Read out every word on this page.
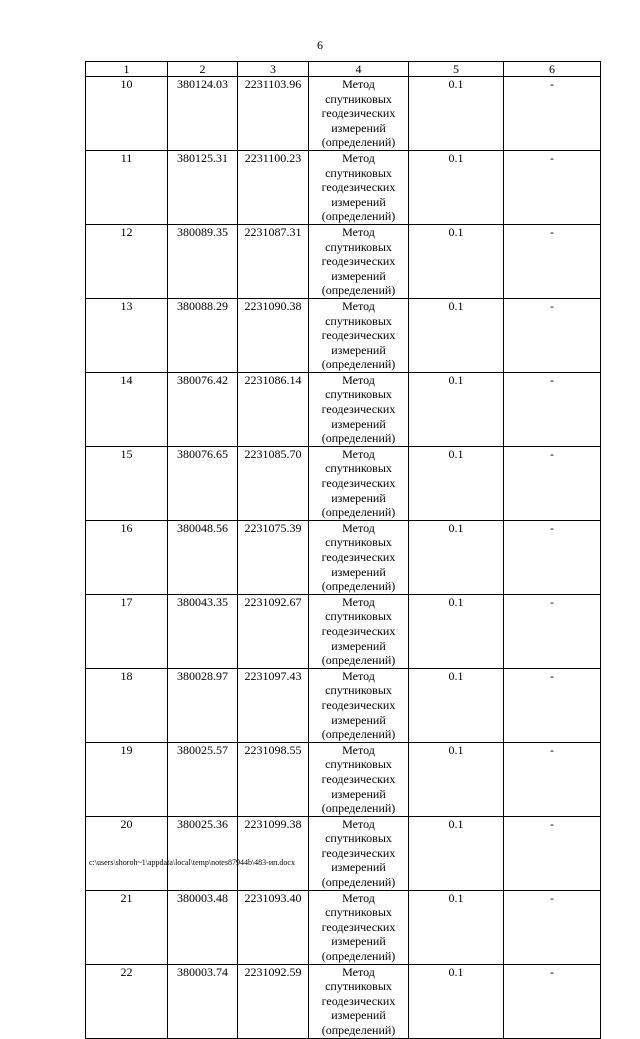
6
1	2	3	4	5	6
10	380124.03	2231103.96	Метод спутниковых геодезических измерений (определений)	0.1	-
11	380125.31	2231100.23	Метод спутниковых геодезических измерений (определений)	0.1	-
12	380089.35	2231087.31	Метод спутниковых геодезических измерений (определений)	0.1	-
13	380088.29	2231090.38	Метод спутниковых геодезических измерений (определений)	0.1	-
14	380076.42	2231086.14	Метод спутниковых геодезических измерений (определений)	0.1	-
15	380076.65	2231085.70	Метод спутниковых геодезических измерений (определений)	0.1	-
16	380048.56	2231075.39	Метод спутниковых геодезических измерений (определений)	0.1	-
17	380043.35	2231092.67	Метод спутниковых геодезических измерений (определений)	0.1	-
18	380028.97	2231097.43	Метод спутниковых геодезических измерений (определений)	0.1	-
19	380025.57	2231098.55	Метод спутниковых геодезических измерений (определений)	0.1	-
20	380025.36	2231099.38	Метод спутниковых геодезических измерений (определений)	0.1	-
21	380003.48	2231093.40	Метод спутниковых геодезических измерений (определений)	0.1	-
22	380003.74	2231092.59	Метод спутниковых геодезических измерений (определений)	0.1	-
c:\users\shoroh~1\appdata\local\temp\notes87944b\483-ип.docx
